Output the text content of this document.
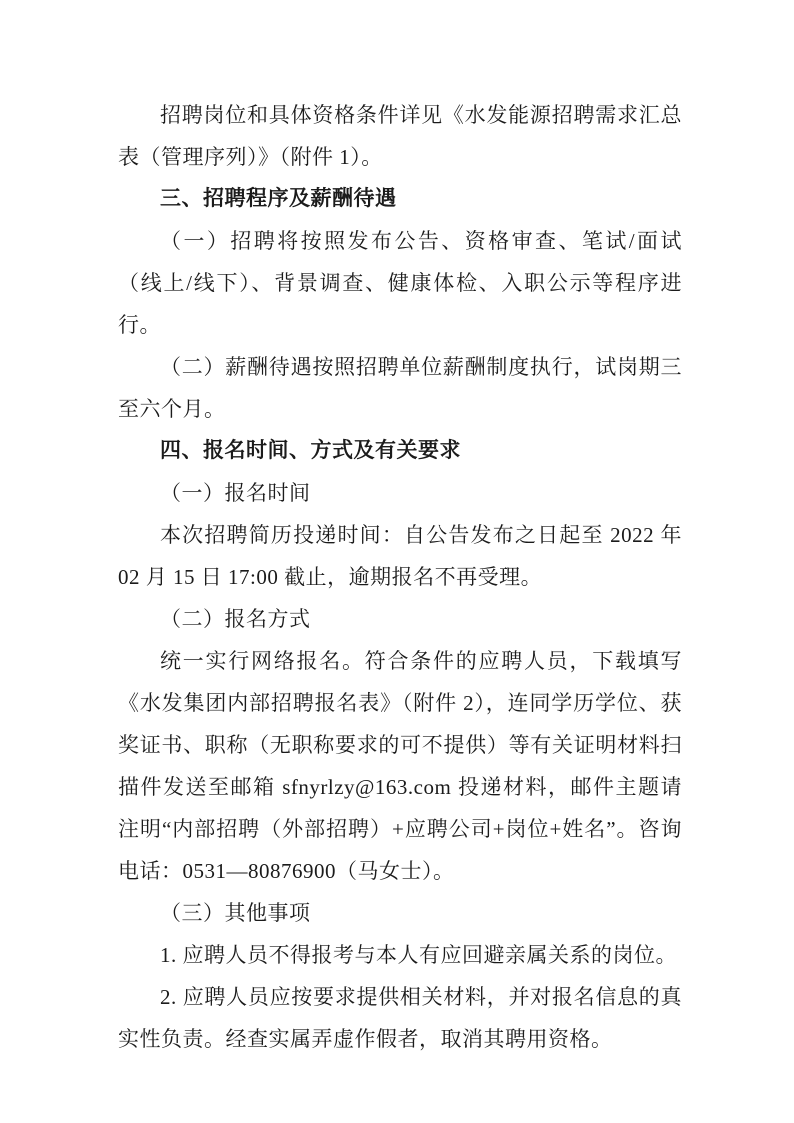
招聘岗位和具体资格条件详见《水发能源招聘需求汇总表（管理序列）》（附件 1）。

三、招聘程序及薪酬待遇

（一）招聘将按照发布公告、资格审查、笔试/面试（线上/线下）、背景调查、健康体检、入职公示等程序进行。

（二）薪酬待遇按照招聘单位薪酬制度执行，试岗期三至六个月。

四、报名时间、方式及有关要求

（一）报名时间

本次招聘简历投递时间：自公告发布之日起至 2022 年 02 月 15 日 17:00 截止，逾期报名不再受理。

（二）报名方式

统一实行网络报名。符合条件的应聘人员，下载填写《水发集团内部招聘报名表》（附件 2），连同学历学位、获奖证书、职称（无职称要求的可不提供）等有关证明材料扫描件发送至邮箱 sfnyrlzy@163.com 投递材料，邮件主题请注明“内部招聘（外部招聘）+应聘公司+岗位+姓名”。咨询电话：0531—80876900（马女士）。

（三）其他事项

1. 应聘人员不得报考与本人有应回避亲属关系的岗位。

2. 应聘人员应按要求提供相关材料，并对报名信息的真实性负责。经查实属弄虚作假者，取消其聘用资格。
